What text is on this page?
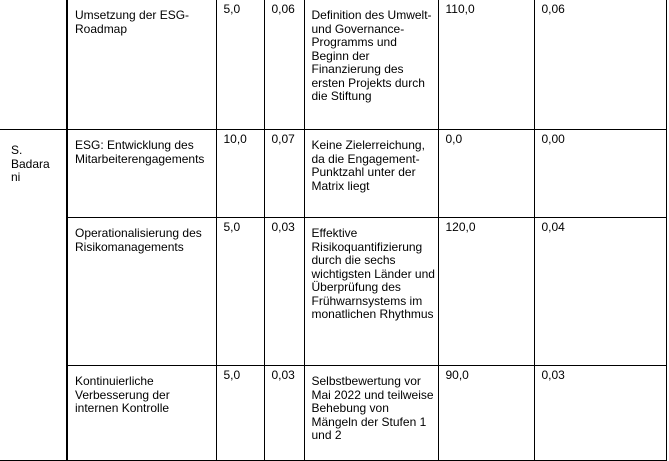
	Umsetzung der ESG-Roadmap	5,0	0,06	Definition des Umwelt- und Governance-Programms und Beginn der Finanzierung des ersten Projekts durch die Stiftung	110,0	0,06

S. Badarani	ESG: Entwicklung des Mitarbeiterengagements	10,0	0,07	Keine Zielerreichung, da die Engagement-Punktzahl unter der Matrix liegt	0,0	0,00

	Operationalisierung des Risikomanagements	5,0	0,03	Effektive Risikoquantifizierung durch die sechs wichtigsten Länder und Überprüfung des Frühwarnsystems im monatlichen Rhythmus	120,0	0,04

	Kontinuierliche Verbesserung der internen Kontrolle	5,0	0,03	Selbstbewertung vor Mai 2022 und teilweise Behebung von Mängeln der Stufen 1 und 2	90,0	0,03
